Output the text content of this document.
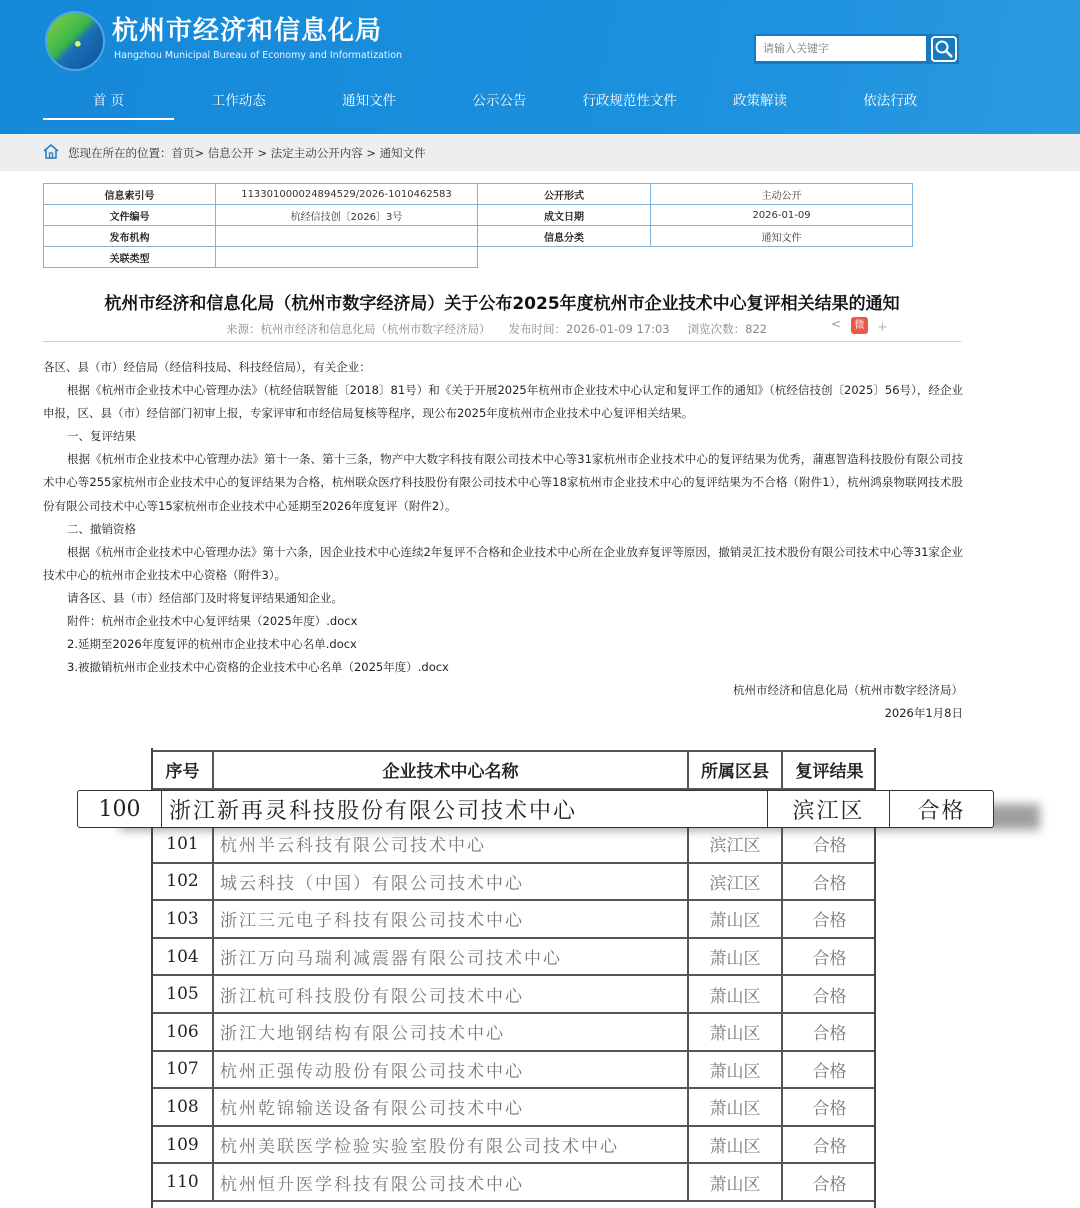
杭州市经济和信息化局
Hangzhou Municipal Bureau of Economy and Informatization
请输入关键字
首 页	工作动态	通知文件	公示公告	行政规范性文件	政策解读	依法行政
您现在所在的位置：首页> 信息公开 > 法定主动公开内容 > 通知文件
信息索引号	113301000024894529/2026-1010462583	公开形式	主动公开
文件编号	杭经信技创〔2026〕3号	成文日期	2026-01-09
发布机构		信息分类	通知文件
关联类型			
杭州市经济和信息化局（杭州市数字经济局）关于公布2025年度杭州市企业技术中心复评相关结果的通知
来源：杭州市经济和信息化局（杭州市数字经济局） 发布时间：2026-01-09 17:03 浏览次数：822	<	微 +

各区、县（市）经信局（经信科技局、科技经信局），有关企业：

根据《杭州市企业技术中心管理办法》（杭经信联智能〔2018〕81号）和《关于开展2025年杭州市企业技术中心认定和复评工作的通知》（杭经信技创〔2025〕56号），经企业申报，区、县（市）经信部门初审上报，专家评审和市经信局复核等程序，现公布2025年度杭州市企业技术中心复评相关结果。

一、复评结果

根据《杭州市企业技术中心管理办法》第十一条、第十三条，物产中大数字科技有限公司技术中心等31家杭州市企业技术中心的复评结果为优秀，蒲惠智造科技股份有限公司技术中心等255家杭州市企业技术中心的复评结果为合格，杭州联众医疗科技股份有限公司技术中心等18家杭州市企业技术中心的复评结果为不合格（附件1），杭州鸿泉物联网技术股份有限公司技术中心等15家杭州市企业技术中心延期至2026年度复评（附件2）。

二、撤销资格

根据《杭州市企业技术中心管理办法》第十六条，因企业技术中心连续2年复评不合格和企业技术中心所在企业放弃复评等原因，撤销灵汇技术股份有限公司技术中心等31家企业技术中心的杭州市企业技术中心资格（附件3）。

请各区、县（市）经信部门及时将复评结果通知企业。

附件：杭州市企业技术中心复评结果（2025年度）.docx

2.延期至2026年度复评的杭州市企业技术中心名单.docx

3.被撤销杭州市企业技术中心资格的企业技术中心名单（2025年度）.docx

杭州市经济和信息化局（杭州市数字经济局）

2026年1月8日

序号	企业技术中心名称	所属区县	复评结果
101	杭州半云科技有限公司技术中心	滨江区	合格
102	城云科技（中国）有限公司技术中心	滨江区	合格
103	浙江三元电子科技有限公司技术中心	萧山区	合格
104	浙江万向马瑞利减震器有限公司技术中心	萧山区	合格
105	浙江杭可科技股份有限公司技术中心	萧山区	合格
106	浙江大地钢结构有限公司技术中心	萧山区	合格
107	杭州正强传动股份有限公司技术中心	萧山区	合格
108	杭州乾锦输送设备有限公司技术中心	萧山区	合格
109	杭州美联医学检验实验室股份有限公司技术中心	萧山区	合格
110	杭州恒升医学科技有限公司技术中心	萧山区	合格
100	浙江新再灵科技股份有限公司技术中心	滨江区	合格
